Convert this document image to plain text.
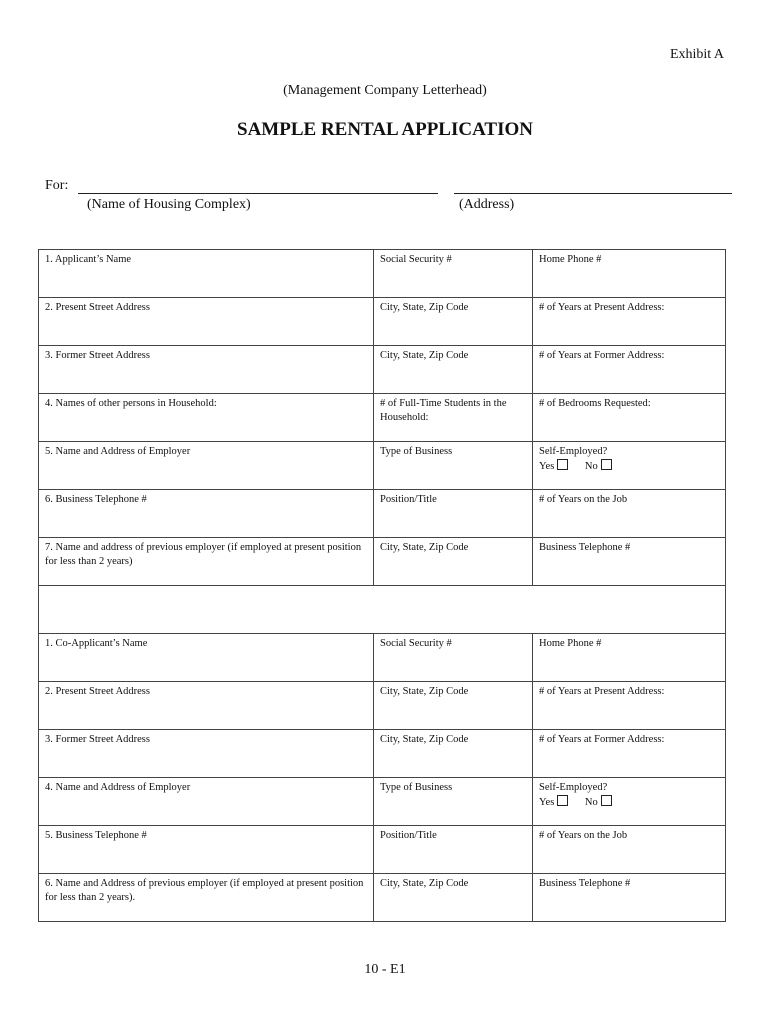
Exhibit A
(Management Company Letterhead)
SAMPLE RENTAL APPLICATION
For:
(Name of Housing Complex)	(Address)
1. Applicant’s Name	Social Security #	Home Phone #
2. Present Street Address	City, State, Zip Code	# of Years at Present Address:
3. Former Street Address	City, State, Zip Code	# of Years at Former Address:
4. Names of other persons in Household:	# of Full-Time Students in the Household:	# of Bedrooms Requested:
5. Name and Address of Employer	Type of Business	Self-Employed?
Yes No

6. Business Telephone #	Position/Title	# of Years on the Job
7. Name and address of previous employer (if employed at present position for less than 2 years)	City, State, Zip Code	Business Telephone #

1. Co-Applicant’s Name	Social Security #	Home Phone #
2. Present Street Address	City, State, Zip Code	# of Years at Present Address:
3. Former Street Address	City, State, Zip Code	# of Years at Former Address:
4. Name and Address of Employer	Type of Business	Self-Employed?
Yes No

5. Business Telephone #	Position/Title	# of Years on the Job
6. Name and Address of previous employer (if employed at present position for less than 2 years).	City, State, Zip Code	Business Telephone #
10 - E1
